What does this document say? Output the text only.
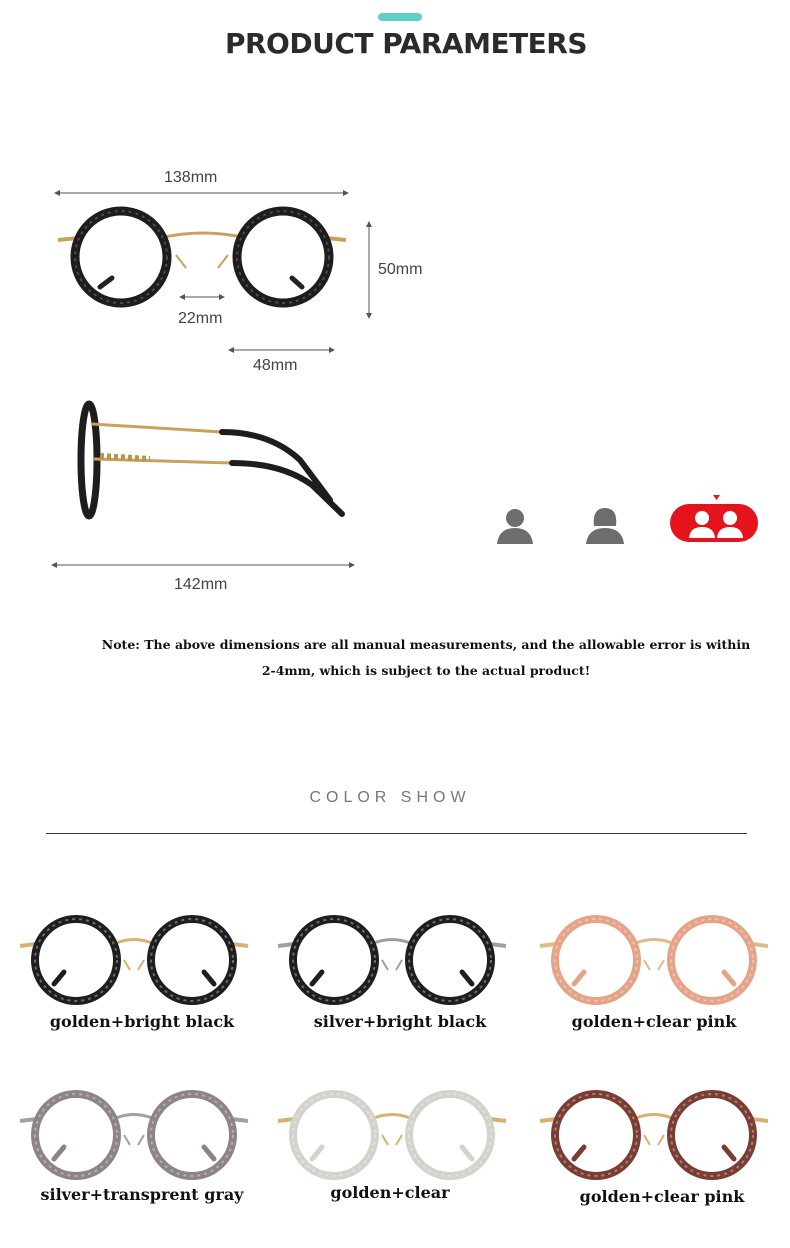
PRODUCT PARAMETERS
138mm
50mm
22mm
48mm
142mm
Note: The above dimensions are all manual measurements, and the allowable error is within
2-4mm, which is subject to the actual product!
COLOR SHOW
golden+bright black	silver+bright black	golden+clear pink
silver+transprent gray	golden+clear	golden+clear pink
